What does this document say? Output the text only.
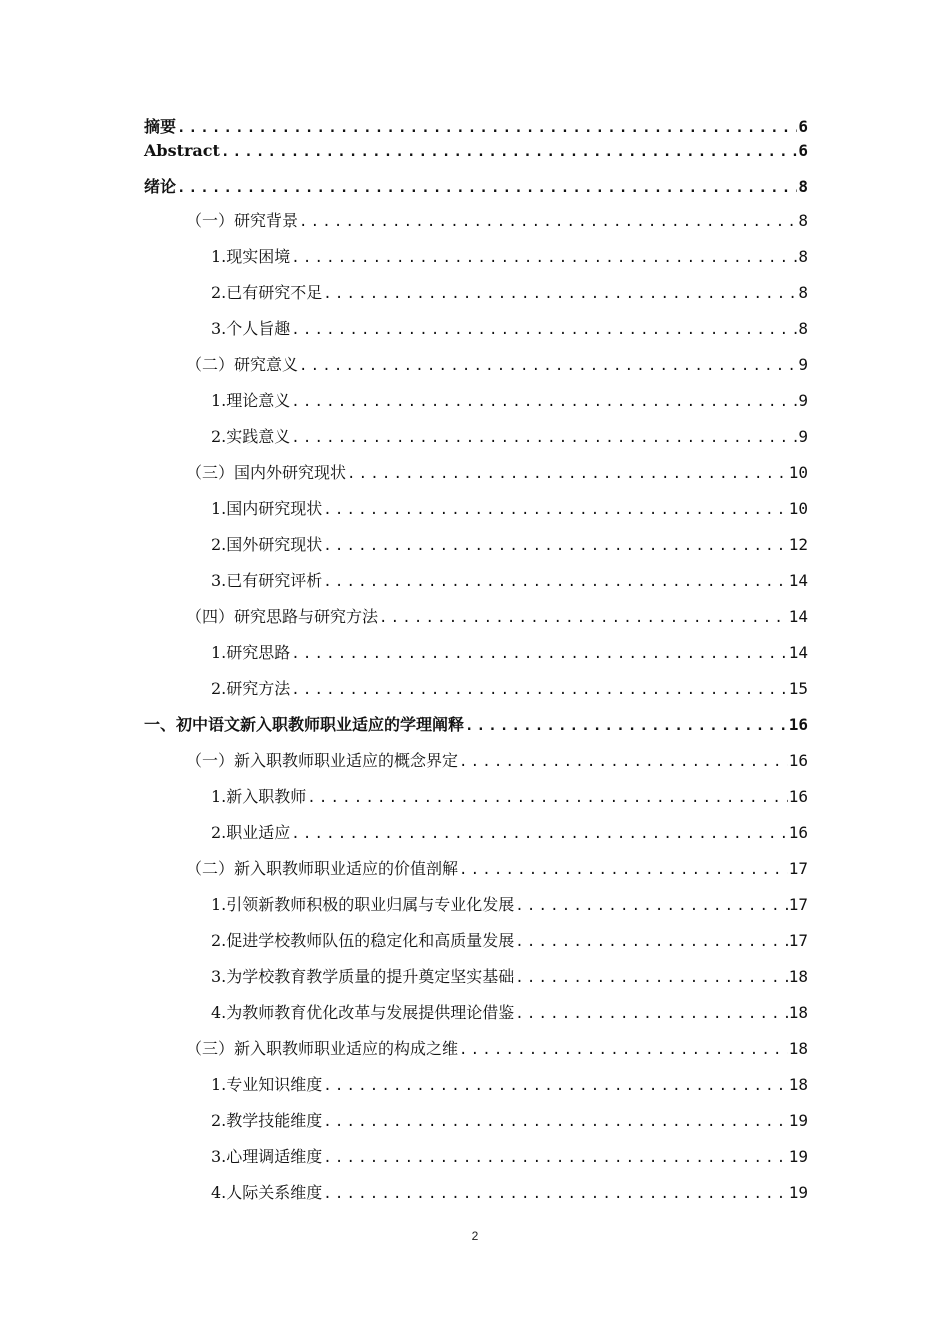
摘要 .....	6
Abstract .....	6
绪论 .....	8
（一）研究背景 .....	8
1.现实困境 .....	8
2.已有研究不足 .....	8
3.个人旨趣 .....	8
（二）研究意义 .....	9
1.理论意义 .....	9
2.实践意义 .....	9
（三）国内外研究现状 .....	10
1.国内研究现状 .....	10
2.国外研究现状 .....	12
3.已有研究评析 .....	14
（四）研究思路与研究方法 .....	14
1.研究思路 .....	14
2.研究方法 .....	15
一、初中语文新入职教师职业适应的学理阐释 .....	16
（一）新入职教师职业适应的概念界定 .....	16
1.新入职教师 .....	16
2.职业适应 .....	16
（二）新入职教师职业适应的价值剖解 .....	17
1.引领新教师积极的职业归属与专业化发展 .....	17
2.促进学校教师队伍的稳定化和高质量发展 .....	17
3.为学校教育教学质量的提升奠定坚实基础 .....	18
4.为教师教育优化改革与发展提供理论借鉴 .....	18
（三）新入职教师职业适应的构成之维 .....	18
1.专业知识维度 .....	18
2.教学技能维度 .....	19
3.心理调适维度 .....	19
4.人际关系维度 .....	19
2
